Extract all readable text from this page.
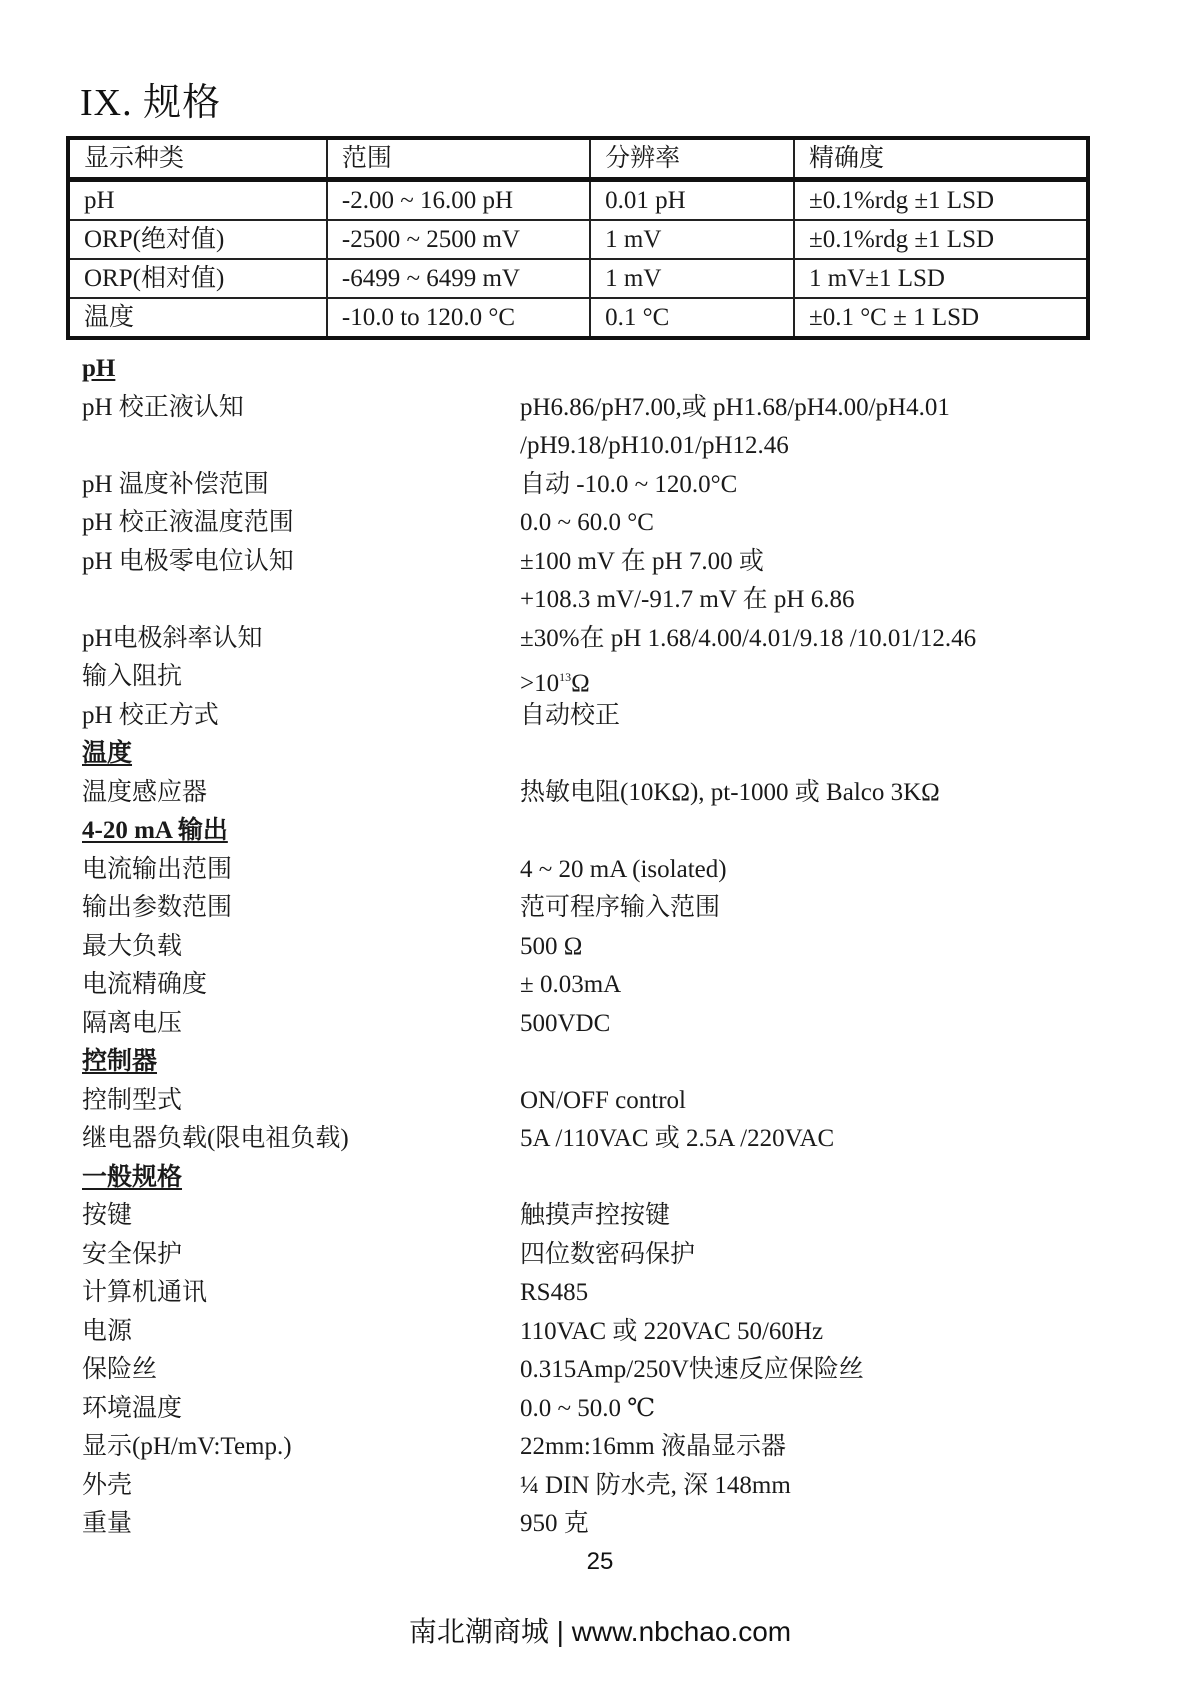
IX. 规格
显示种类	范围	分辨率	精确度
pH	-2.00 ~ 16.00 pH	0.01 pH	±0.1%rdg ±1 LSD
ORP(绝对值)	-2500 ~ 2500 mV	1 mV	±0.1%rdg ±1 LSD
ORP(相对值)	-6499 ~ 6499 mV	1 mV	1 mV±1 LSD
温度	-10.0 to 120.0 °C	0.1 °C	±0.1 °C ± 1 LSD
pH
pH 校正液认知	pH6.86/pH7.00,或 pH1.68/pH4.00/pH4.01
/pH9.18/pH10.01/pH12.46
pH 温度补偿范围	自动 -10.0 ~ 120.0°C
pH 校正液温度范围	0.0 ~ 60.0 °C
pH 电极零电位认知	±100 mV 在 pH 7.00 或
+108.3 mV/-91.7 mV 在 pH 6.86
pH电极斜率认知	±30%在 pH 1.68/4.00/4.01/9.18 /10.01/12.46
输入阻抗	$>10^{13}\Omega$
pH 校正方式	自动校正
温度
温度感应器	热敏电阻(10KΩ), pt-1000 或 Balco 3KΩ
4-20 mA 输出
电流输出范围	4 ~ 20 mA (isolated)
输出参数范围	范可程序输入范围
最大负载	500 Ω
电流精确度	± 0.03mA
隔离电压	500VDC
控制器
控制型式	ON/OFF control
继电器负载(限电祖负载)	5A /110VAC 或 2.5A /220VAC
一般规格
按键	触摸声控按键
安全保护	四位数密码保护
计算机通讯	RS485
电源	110VAC 或 220VAC 50/60Hz
保险丝	0.315Amp/250V快速反应保险丝
环境温度	0.0 ~ 50.0 ℃
显示(pH/mV:Temp.)	22mm:16mm 液晶显示器
外壳	¼ DIN 防水壳, 深 148mm
重量	950 克
25
南北潮商城 | www.nbchao.com
